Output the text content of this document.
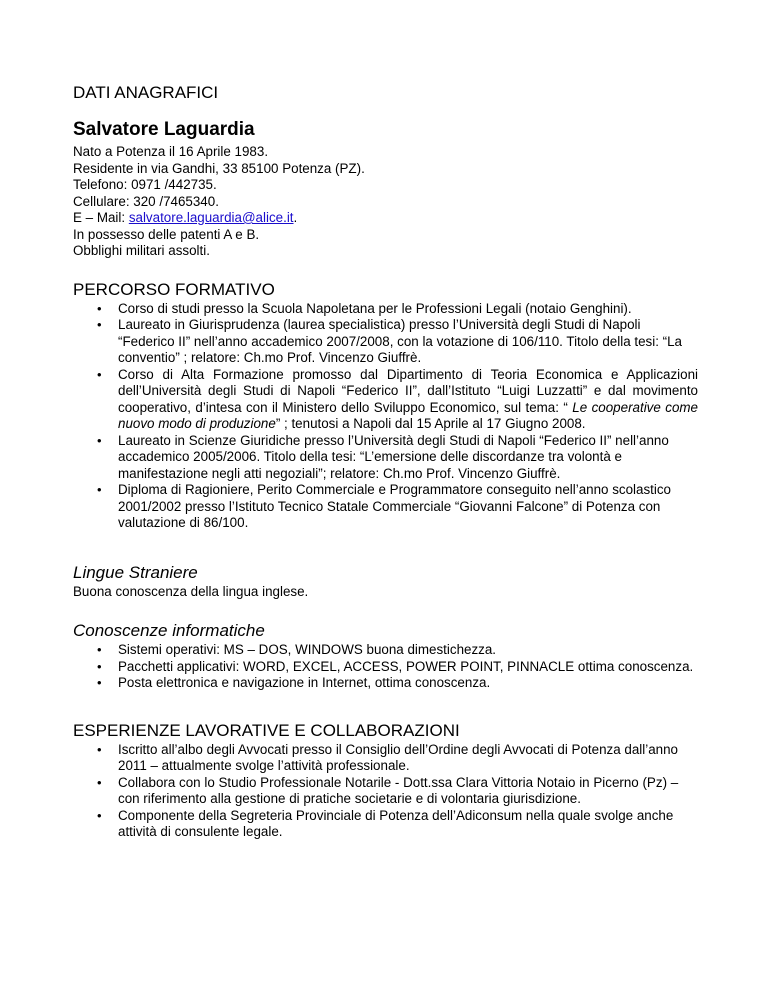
DATI ANAGRAFICI
Salvatore Laguardia

Nato a Potenza il 16 Aprile 1983.

Residente in via Gandhi, 33 85100 Potenza (PZ).

Telefono: 0971 /442735.

Cellulare: 320 /7465340.

E – Mail: salvatore.laguardia@alice.it.

In possesso delle patenti A e B.

Obblighi militari assolti.

PERCORSO FORMATIVO
• Corso di studi presso la Scuola Napoletana per le Professioni Legali (notaio Genghini).
• Laureato in Giurisprudenza (laurea specialistica) presso l’Università degli Studi di Napoli “Federico II” nell’anno accademico 2007/2008, con la votazione di 106/110. Titolo della tesi: “La conventio” ; relatore: Ch.mo Prof. Vincenzo Giuffrè.
• Corso di Alta Formazione promosso dal Dipartimento di Teoria Economica e Applicazioni dell’Università degli Studi di Napoli “Federico II”, dall’Istituto “Luigi Luzzatti” e dal movimento cooperativo, d’intesa con il Ministero dello Sviluppo Economico, sul tema: “ Le cooperative come nuovo modo di produzione” ; tenutosi a Napoli dal 15 Aprile al 17 Giugno 2008.
• Laureato in Scienze Giuridiche presso l’Università degli Studi di Napoli “Federico II” nell’anno accademico 2005/2006. Titolo della tesi: “L’emersione delle discordanze tra volontà e manifestazione negli atti negoziali”; relatore: Ch.mo Prof. Vincenzo Giuffrè.
• Diploma di Ragioniere, Perito Commerciale e Programmatore conseguito nell’anno scolastico 2001/2002 presso l’Istituto Tecnico Statale Commerciale “Giovanni Falcone” di Potenza con valutazione di 86/100.
Lingue Straniere

Buona conoscenza della lingua inglese.

Conoscenze informatiche
• Sistemi operativi: MS – DOS, WINDOWS buona dimestichezza.
• Pacchetti applicativi: WORD, EXCEL, ACCESS, POWER POINT, PINNACLE ottima conoscenza.
• Posta elettronica e navigazione in Internet, ottima conoscenza.
ESPERIENZE LAVORATIVE E COLLABORAZIONI
• Iscritto all’albo degli Avvocati presso il Consiglio dell’Ordine degli Avvocati di Potenza dall’anno 2011 – attualmente svolge l’attività professionale.
• Collabora con lo Studio Professionale Notarile - Dott.ssa Clara Vittoria Notaio in Picerno (Pz) – con riferimento alla gestione di pratiche societarie e di volontaria giurisdizione.
• Componente della Segreteria Provinciale di Potenza dell’Adiconsum nella quale svolge anche attività di consulente legale.
